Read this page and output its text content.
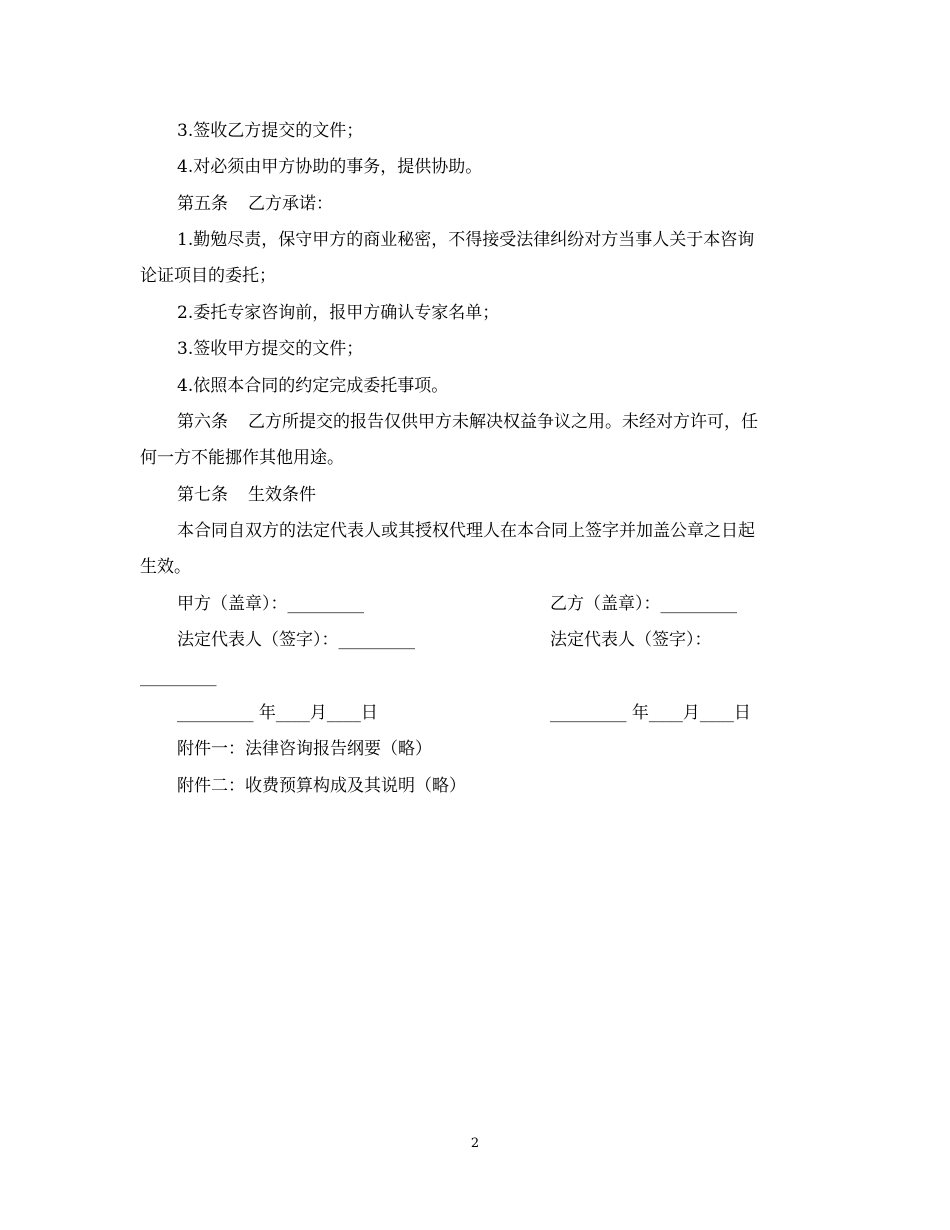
3.签收乙方提交的文件；
4.对必须由甲方协助的事务，提供协助。
第五条 乙方承诺：
1.勤勉尽责，保守甲方的商业秘密，不得接受法律纠纷对方当事人关于本咨询
论证项目的委托；
2.委托专家咨询前，报甲方确认专家名单；
3.签收甲方提交的文件；
4.依照本合同的约定完成委托事项。
第六条 乙方所提交的报告仅供甲方未解决权益争议之用。未经对方许可，任
何一方不能挪作其他用途。
第七条 生效条件
本合同自双方的法定代表人或其授权代理人在本合同上签字并加盖公章之日起
生效。
甲方（盖章）：_________	乙方（盖章）：_________
法定代表人（签字）：_________	法定代表人（签字）：
_________
_________ 年____月____日	_________ 年____月____日
附件一：法律咨询报告纲要（略）
附件二：收费预算构成及其说明（略）
2
